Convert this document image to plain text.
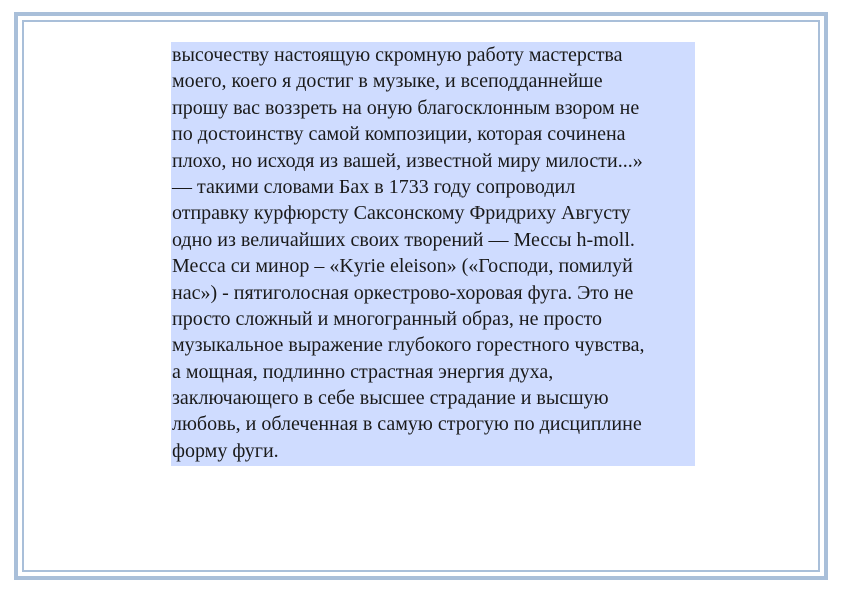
высочеству настоящую скромную работу мастерства
моего, коего я достиг в музыке, и всеподданнейше
прошу вас воззреть на оную благосклонным взором не
по достоинству самой композиции, которая сочинена
плохо, но исходя из вашей, известной миру милости...»
— такими словами Бах в 1733 году сопроводил
отправку курфюрсту Саксонскому Фридриху Августу
одно из величайших своих творений — Мессы h-moll.
Месса си минор – «Kyrie eleison» («Господи, помилуй
нас») - пятиголосная оркестрово-хоровая фуга. Это не
просто сложный и многогранный образ, не просто
музыкальное выражение глубокого горестного чувства,
а мощная, подлинно страстная энергия духа,
заключающего в себе высшее страдание и высшую
любовь, и облеченная в самую строгую по дисциплине
форму фуги.
